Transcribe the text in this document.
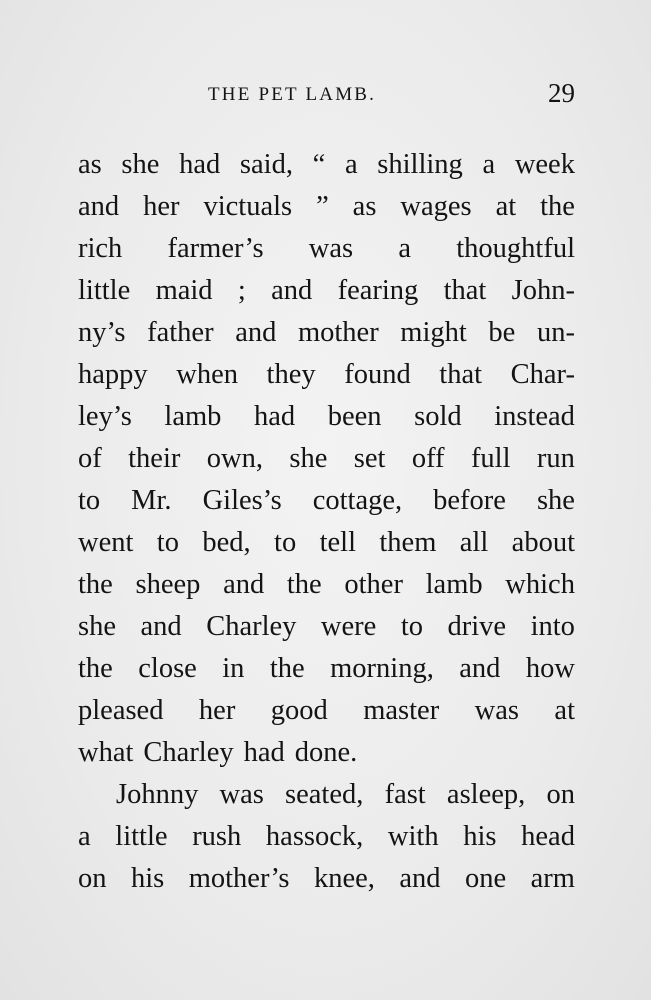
THE PET LAMB.	29
as she had said, “ a shilling a week
and her victuals ” as wages at the
rich farmer’s was a thoughtful
little maid ; and fearing that John-
ny’s father and mother might be un-
happy when they found that Char-
ley’s lamb had been sold instead
of their own, she set off full run
to Mr. Giles’s cottage, before she
went to bed, to tell them all about
the sheep and the other lamb which
she and Charley were to drive into
the close in the morning, and how
pleased her good master was at
what Charley had done.
Johnny was seated, fast asleep, on
a little rush hassock, with his head
on his mother’s knee, and one arm
